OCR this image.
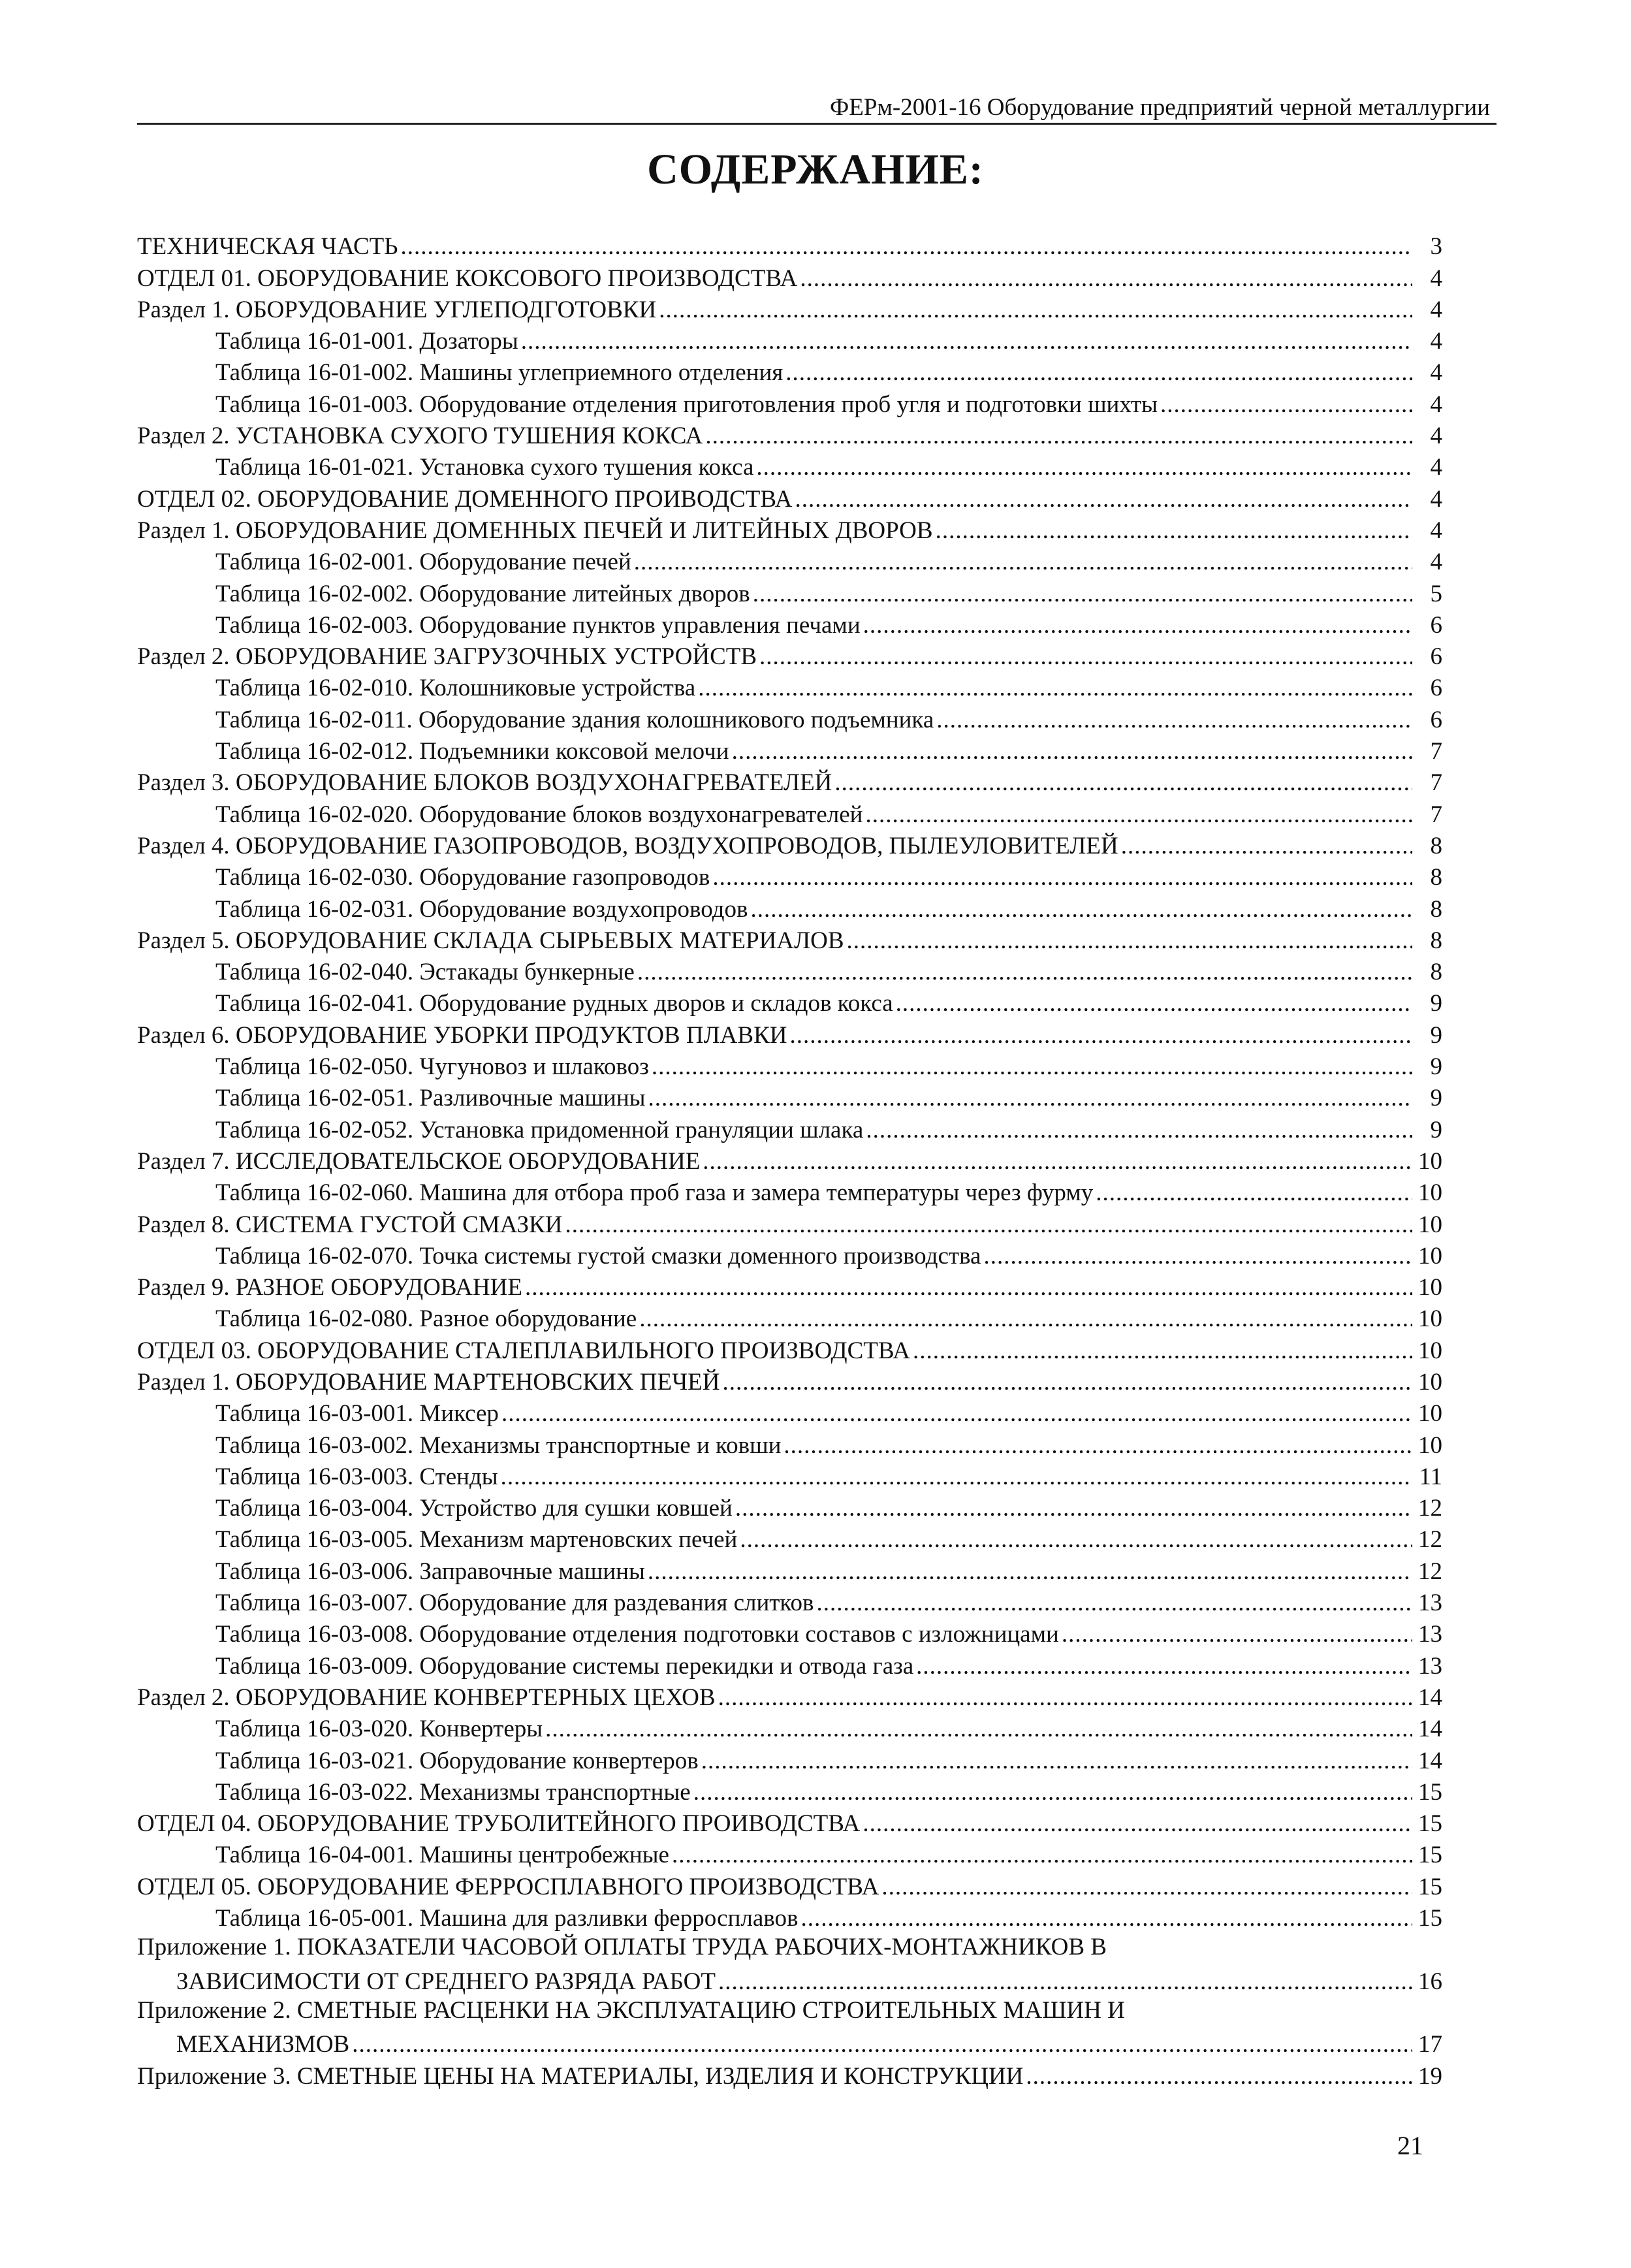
ФЕРм-2001-16 Оборудование предприятий черной металлургии
СОДЕРЖАНИЕ:
ТЕХНИЧЕСКАЯ ЧАСТЬ .....	3
ОТДЕЛ 01. ОБОРУДОВАНИЕ КОКСОВОГО ПРОИЗВОДСТВА .....	4
Раздел 1. ОБОРУДОВАНИЕ УГЛЕПОДГОТОВКИ .....	4
Таблица 16-01-001. Дозаторы .....	4
Таблица 16-01-002. Машины углеприемного отделения .....	4
Таблица 16-01-003. Оборудование отделения приготовления проб угля и подготовки шихты .....	4
Раздел 2. УСТАНОВКА СУХОГО ТУШЕНИЯ КОКСА .....	4
Таблица 16-01-021. Установка сухого тушения кокса .....	4
ОТДЕЛ 02. ОБОРУДОВАНИЕ ДОМЕННОГО ПРОИВОДСТВА .....	4
Раздел 1. ОБОРУДОВАНИЕ ДОМЕННЫХ ПЕЧЕЙ И ЛИТЕЙНЫХ ДВОРОВ .....	4
Таблица 16-02-001. Оборудование печей .....	4
Таблица 16-02-002. Оборудование литейных дворов .....	5
Таблица 16-02-003. Оборудование пунктов управления печами .....	6
Раздел 2. ОБОРУДОВАНИЕ ЗАГРУЗОЧНЫХ УСТРОЙСТВ .....	6
Таблица 16-02-010. Колошниковые устройства .....	6
Таблица 16-02-011. Оборудование здания колошникового подъемника .....	6
Таблица 16-02-012. Подъемники коксовой мелочи .....	7
Раздел 3. ОБОРУДОВАНИЕ БЛОКОВ ВОЗДУХОНАГРЕВАТЕЛЕЙ .....	7
Таблица 16-02-020. Оборудование блоков воздухонагревателей .....	7
Раздел 4. ОБОРУДОВАНИЕ ГАЗОПРОВОДОВ, ВОЗДУХОПРОВОДОВ, ПЫЛЕУЛОВИТЕЛЕЙ .....	8
Таблица 16-02-030. Оборудование газопроводов .....	8
Таблица 16-02-031. Оборудование воздухопроводов .....	8
Раздел 5. ОБОРУДОВАНИЕ СКЛАДА СЫРЬЕВЫХ МАТЕРИАЛОВ .....	8
Таблица 16-02-040. Эстакады бункерные .....	8
Таблица 16-02-041. Оборудование рудных дворов и складов кокса .....	9
Раздел 6. ОБОРУДОВАНИЕ УБОРКИ ПРОДУКТОВ ПЛАВКИ .....	9
Таблица 16-02-050. Чугуновоз и шлаковоз .....	9
Таблица 16-02-051. Разливочные машины .....	9
Таблица 16-02-052. Установка придоменной грануляции шлака .....	9
Раздел 7. ИССЛЕДОВАТЕЛЬСКОЕ ОБОРУДОВАНИЕ .....	10
Таблица 16-02-060. Машина для отбора проб газа и замера температуры через фурму .....	10
Раздел 8. СИСТЕМА ГУСТОЙ СМАЗКИ .....	10
Таблица 16-02-070. Точка системы густой смазки доменного производства .....	10
Раздел 9. РАЗНОЕ ОБОРУДОВАНИЕ .....	10
Таблица 16-02-080. Разное оборудование .....	10
ОТДЕЛ 03. ОБОРУДОВАНИЕ СТАЛЕПЛАВИЛЬНОГО ПРОИЗВОДСТВА .....	10
Раздел 1. ОБОРУДОВАНИЕ МАРТЕНОВСКИХ ПЕЧЕЙ .....	10
Таблица 16-03-001. Миксер .....	10
Таблица 16-03-002. Механизмы транспортные и ковши .....	10
Таблица 16-03-003. Стенды .....	11
Таблица 16-03-004. Устройство для сушки ковшей .....	12
Таблица 16-03-005. Механизм мартеновских печей .....	12
Таблица 16-03-006. Заправочные машины .....	12
Таблица 16-03-007. Оборудование для раздевания слитков .....	13
Таблица 16-03-008. Оборудование отделения подготовки составов с изложницами .....	13
Таблица 16-03-009. Оборудование системы перекидки и отвода газа .....	13
Раздел 2. ОБОРУДОВАНИЕ КОНВЕРТЕРНЫХ ЦЕХОВ .....	14
Таблица 16-03-020. Конвертеры .....	14
Таблица 16-03-021. Оборудование конвертеров .....	14
Таблица 16-03-022. Механизмы транспортные .....	15
ОТДЕЛ 04. ОБОРУДОВАНИЕ ТРУБОЛИТЕЙНОГО ПРОИВОДСТВА .....	15
Таблица 16-04-001. Машины центробежные .....	15
ОТДЕЛ 05. ОБОРУДОВАНИЕ ФЕРРОСПЛАВНОГО ПРОИЗВОДСТВА .....	15
Таблица 16-05-001. Машина для разливки ферросплавов .....	15
Приложение 1. ПОКАЗАТЕЛИ ЧАСОВОЙ ОПЛАТЫ ТРУДА РАБОЧИХ-МОНТАЖНИКОВ В
ЗАВИСИМОСТИ ОТ СРЕДНЕГО РАЗРЯДА РАБОТ .....	16
Приложение 2. СМЕТНЫЕ РАСЦЕНКИ НА ЭКСПЛУАТАЦИЮ СТРОИТЕЛЬНЫХ МАШИН И
МЕХАНИЗМОВ .....	17
Приложение 3. СМЕТНЫЕ ЦЕНЫ НА МАТЕРИАЛЫ, ИЗДЕЛИЯ И КОНСТРУКЦИИ .....	19
21
